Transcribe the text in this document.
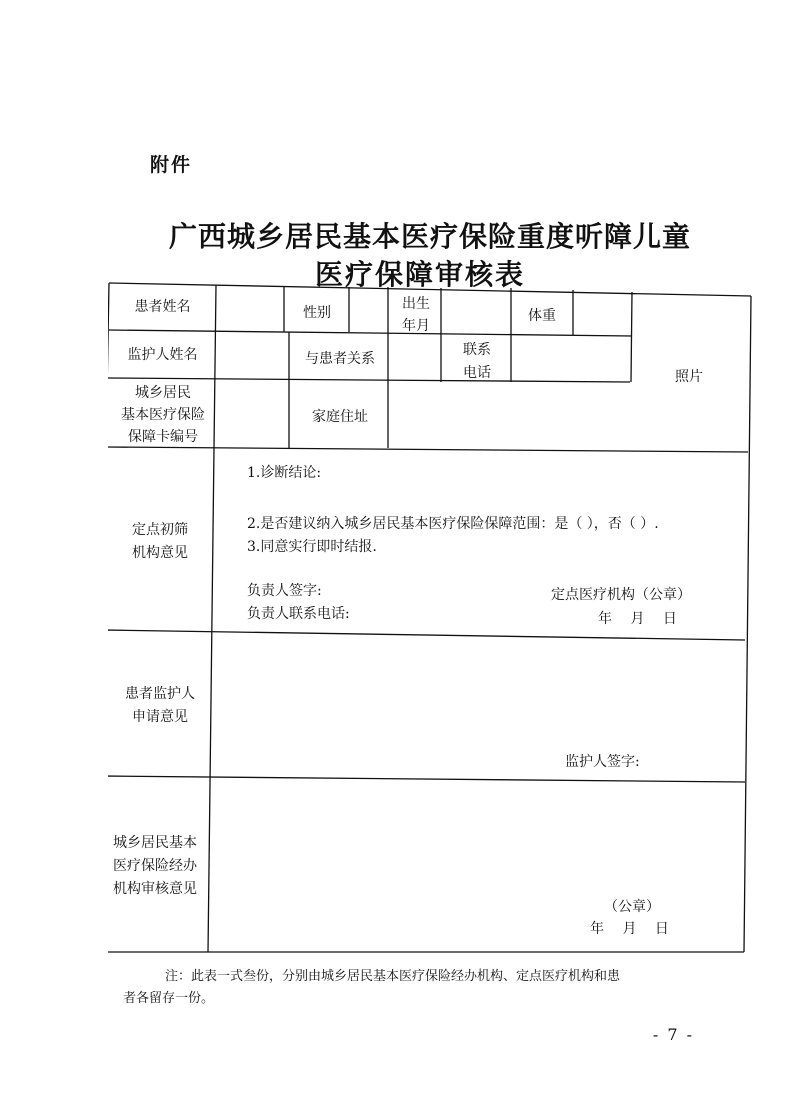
附件
广西城乡居民基本医疗保险重度听障儿童
医疗保障审核表
患者姓名	性别
出生
年月
体重
照片
监护人姓名	与患者关系
联系
电话
城乡居民
基本医疗保险
保障卡编号
家庭住址
定点初筛
机构意见
1.诊断结论:
2.是否建议纳入城乡居民基本医疗保险保障范围：是（ ），否（ ）.
3.同意实行即时结报.
负责人签字:
负责人联系电话:
定点医疗机构（公章）
年 月 日
患者监护人
申请意见
监护人签字:
城乡居民基本
医疗保险经办
机构审核意见
（公章）
年 月 日
注：此表一式叁份，分别由城乡居民基本医疗保险经办机构、定点医疗机构和患
者各留存一份。
- 7 -
